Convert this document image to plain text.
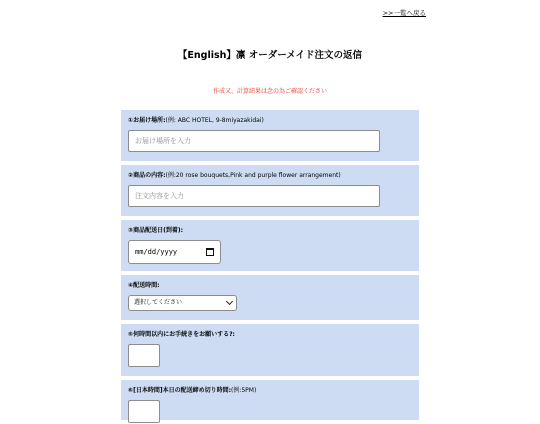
>>一覧へ戻る
【English】凛 オーダーメイド注文の返信
作成又、計算結果は念の為ご確認ください
①お届け場所:(例: ABC HOTEL, 9-8miyazakidai)
お届け場所を入力
②商品の内容:(例:20 rose bouquets,Pink and purple flower arrangement)
注文内容を入力
③商品配送日(到着):
mm/dd/yyyy
④配送時間:
選択してください
⑤何時間以内にお手続きをお願いする?:
⑥[日本時間]本日の配送締め切り時間:(例:5PM)
